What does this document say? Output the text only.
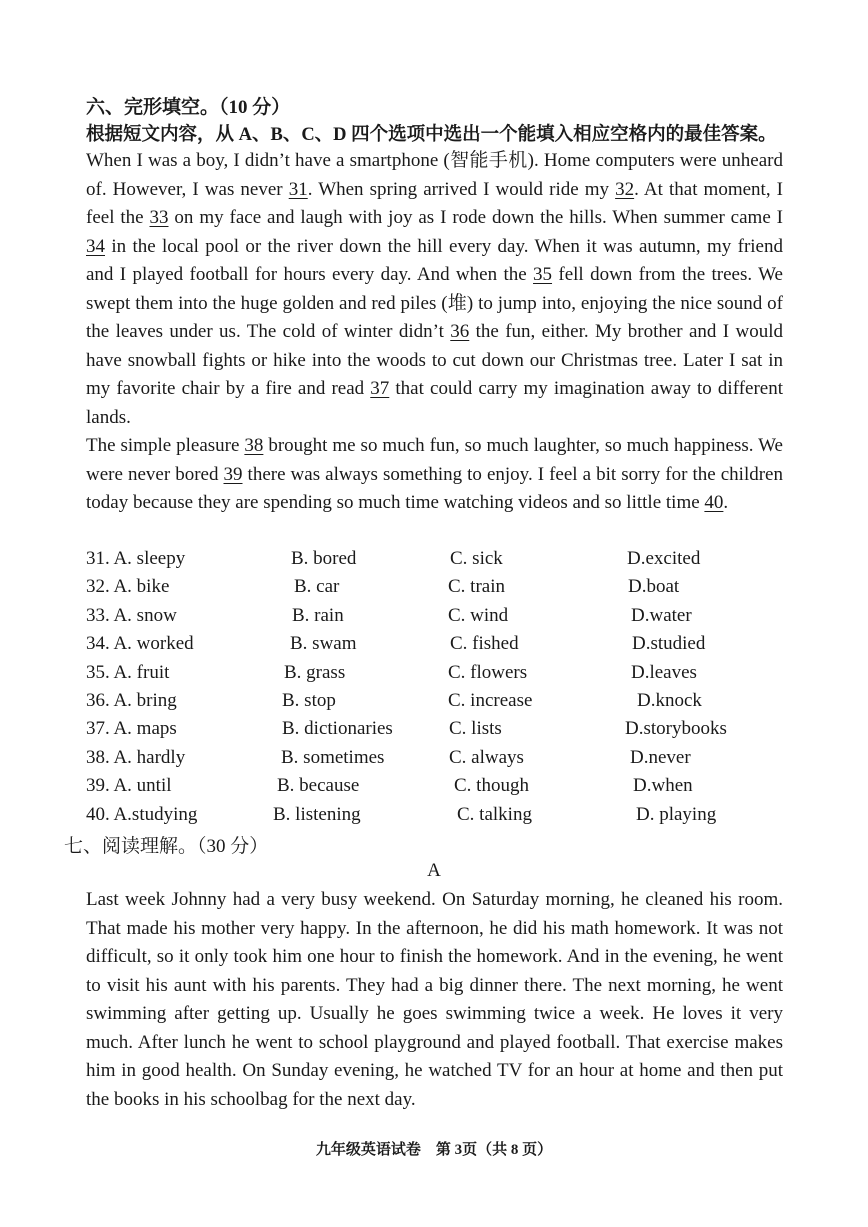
六、完形填空。（10 分）
根据短文内容，从 A、B、C、D 四个选项中选出一个能填入相应空格内的最佳答案。

When I was a boy, I didn’t have a smartphone (智能手机). Home computers were unheard of. However, I was never 31. When spring arrived I would ride my 32. At that moment, I feel the 33 on my face and laugh with joy as I rode down the hills. When summer came I 34 in the local pool or the river down the hill every day. When it was autumn, my friend and I played football for hours every day. And when the 35 fell down from the trees. We swept them into the huge golden and red piles (堆) to jump into, enjoying the nice sound of the leaves under us. The cold of winter didn’t 36 the fun, either. My brother and I would have snowball fights or hike into the woods to cut down our Christmas tree. Later I sat in my favorite chair by a fire and read 37 that could carry my imagination away to different lands.

The simple pleasure 38 brought me so much fun, so much laughter, so much happiness. We were never bored 39 there was always something to enjoy. I feel a bit sorry for the children today because they are spending so much time watching videos and so little time 40.

31. A. sleepy	B. bored	C. sick	D.excited
32. A. bike	B. car	C. train	D.boat
33. A. snow	B. rain	C. wind	D.water
34. A. worked	B. swam	C. fished	D.studied
35. A. fruit	B. grass	C. flowers	D.leaves
36. A. bring	B. stop	C. increase	D.knock
37. A. maps	B. dictionaries	C. lists	D.storybooks
38. A. hardly	B. sometimes	C. always	D.never
39. A. until	B. because	C. though	D.when
40. A.studying	B. listening	C. talking	D. playing
七、阅读理解。（30 分）
A

Last week Johnny had a very busy weekend. On Saturday morning, he cleaned his room. That made his mother very happy. In the afternoon, he did his math homework. It was not difficult, so it only took him one hour to finish the homework. And in the evening, he went to visit his aunt with his parents. They had a big dinner there. The next morning, he went swimming after getting up. Usually he goes swimming twice a week. He loves it very much. After lunch he went to school playground and played football. That exercise makes him in good health. On Sunday evening, he watched TV for an hour at home and then put the books in his schoolbag for the next day.

九年级英语试卷　第 3页（共 8 页）
